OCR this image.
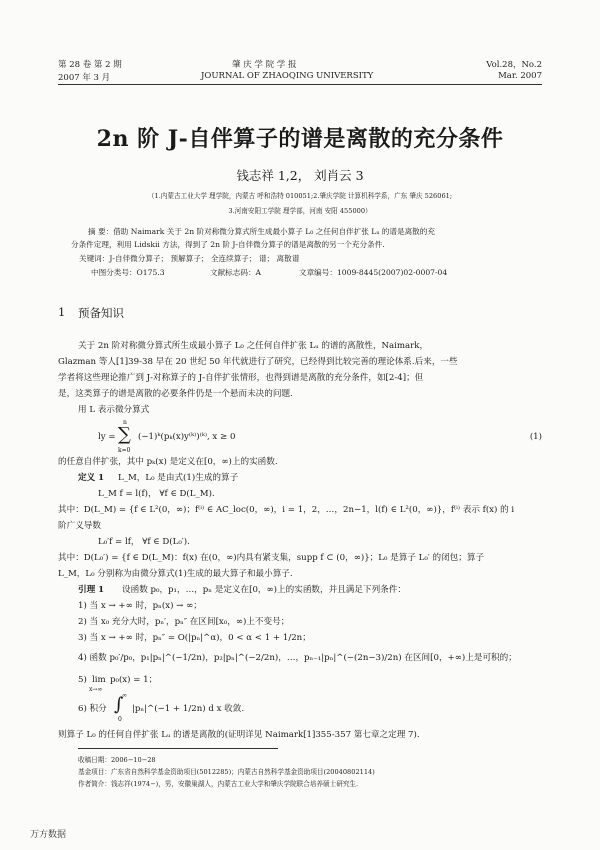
第 28 卷 第 2 期
2007 年 3 月
肇 庆 学 院 学 报
JOURNAL OF ZHAOQING UNIVERSITY
Vol.28，No.2
Mar. 2007
2n 阶 J-自伴算子的谱是离散的充分条件
钱志祥 1,2， 刘肖云 3
（1.内蒙古工业大学 理学院，内蒙古 呼和浩特 010051;2.肇庆学院 计算机科学系，广东 肇庆 526061;
3.河南安阳工学院 理学部，河南 安阳 455000）
摘 要：借助 Naimark 关于 2n 阶对称微分算式所生成最小算子 L₀ 之任何自伴扩张 Lᵤ 的谱是离散的充
分条件定理，利用 Lidskii 方法，得到了 2n 阶 J-自伴微分算子的谱是离散的另一个充分条件.
关键词：J-自伴微分算子； 预解算子； 全连续算子； 谱； 离散谱
中图分类号：O175.3	文献标志码：A	文章编号：1009-8445(2007)02-0007-04
1 预备知识
关于 2n 阶对称微分算式所生成最小算子 L₀ 之任何自伴扩张 Lᵤ 的谱的离散性，Naimark，
Glazman 等人[1]39-38 早在 20 世纪 50 年代就进行了研究，已经得到比较完善的理论体系.后来，一些
学者将这些理论推广到 J-对称算子的 J-自伴扩张情形，也得到谱是离散的充分条件，如[2-4]；但
是，这类算子的谱是离散的必要条件仍是一个悬而未决的问题.
用 L 表示微分算式
ly =
n
∑
k=0
(−1)ᵏ(pₖ(x)y⁽ᵏ⁾)⁽ᵏ⁾, x ≥ 0	(1)
的任意自伴扩张，其中 pₖ(x) 是定义在[0，∞)上的实函数.
定义 1 L_M，L₀ 是由式(1)生成的算子
L_M f = l(f)， ∀f ∈ D(L_M).
其中：D(L_M) = {f ∈ L²(0，∞)；f⁽ⁱ⁾ ∈ AC_loc(0，∞)，i = 1，2，…，2n−1，l(f) ∈ L²(0，∞)}，f⁽ⁱ⁾ 表示 f(x) 的 i
阶广义导数
L₀′f = lf， ∀f ∈ D(L₀′).
其中：D(L₀′) = {f ∈ D(L_M)：f(x) 在(0，∞)内具有紧支集，supp f ⊂ (0，∞)}；L₀ 是算子 L₀′ 的闭包；算子
L_M，L₀ 分别称为由微分算式(1)生成的最大算子和最小算子.
引理 1 设函数 p₀，p₁，…，pₙ 是定义在[0，∞)上的实函数，并且满足下列条件：
1) 当 x → +∞ 时，pₙ(x) → ∞；
2) 当 x₀ 充分大时，pₙ′，pₙ″ 在区间[x₀，∞)上不变号；
3) 当 x → +∞ 时，pₙ″ = O(|pₙ|^α)，0 < α < 1 + 1/2n；
4) 函数 p₀′/p₀，p₁|pₙ|^(−1/2n)，p₂|pₙ|^(−2/2n)，…，pₙ₋₁|pₙ|^(−(2n−3)/2n) 在区间[0，+∞)上是可积的；
5) lim
x→∞
p₀(x) = 1；
6) 积分
∞
∫
0
|pₙ|^(−1 + 1/2n) d x 收敛.
则算子 L₀ 的任何自伴扩张 Lᵤ 的谱是离散的(证明详见 Naimark[1]355-357 第七章之定理 7).
收稿日期：2006−10−28
基金项目：广东省自然科学基金资助项目(5012285)；内蒙古自然科学基金资助项目(20040802114)
作者简介：钱志祥(1974−)，男，安徽巢湖人，内蒙古工业大学和肇庆学院联合培养硕士研究生.
万方数据
